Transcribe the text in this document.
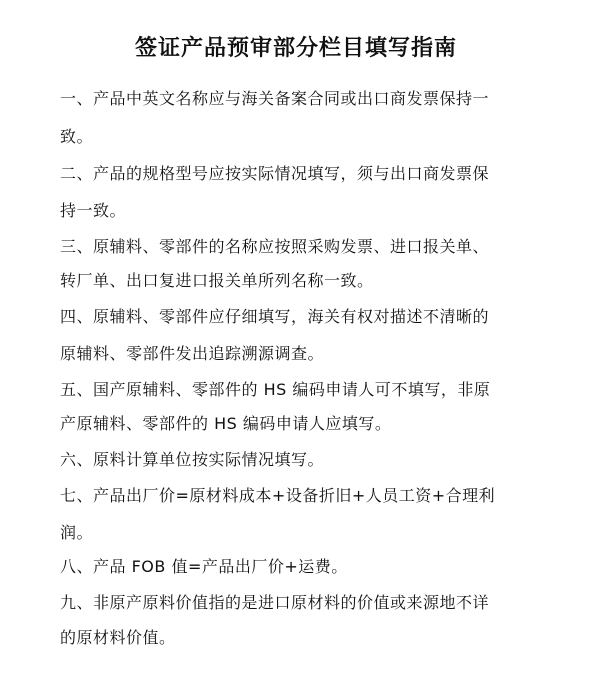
签证产品预审部分栏目填写指南
一、产品中英文名称应与海关备案合同或出口商发票保持一
致。
二、产品的规格型号应按实际情况填写，须与出口商发票保
持一致。
三、原辅料、零部件的名称应按照采购发票、进口报关单、
转厂单、出口复进口报关单所列名称一致。
四、原辅料、零部件应仔细填写，海关有权对描述不清晰的
原辅料、零部件发出追踪溯源调查。
五、国产原辅料、零部件的 HS 编码申请人可不填写，非原
产原辅料、零部件的 HS 编码申请人应填写。
六、原料计算单位按实际情况填写。
七、产品出厂价=原材料成本+设备折旧+人员工资+合理利
润。
八、产品 FOB 值=产品出厂价+运费。
九、非原产原料价值指的是进口原材料的价值或来源地不详
的原材料价值。
